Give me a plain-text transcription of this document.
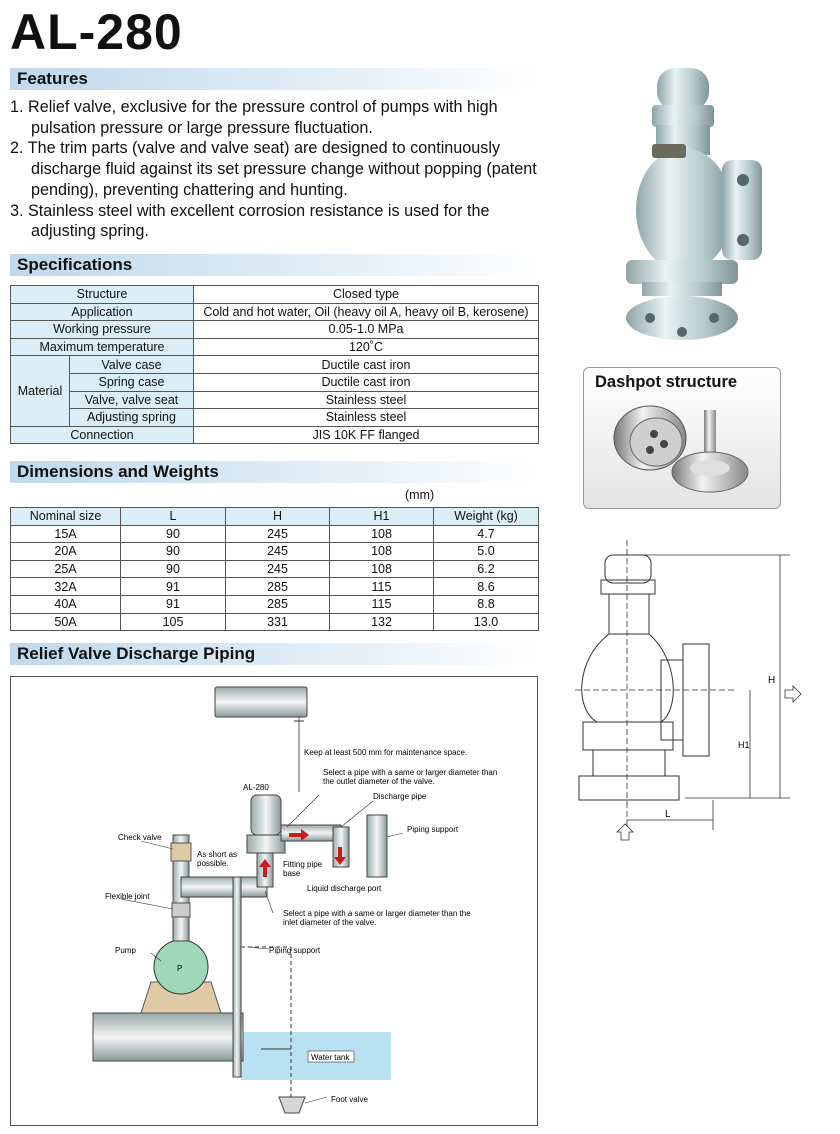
AL-280
Features
1. Relief valve, exclusive for the pressure control of pumps with high pulsation pressure or large pressure fluctuation.
2. The trim parts (valve and valve seat) are designed to continuously discharge fluid against its set pressure change without popping (patent pending), preventing chattering and hunting.
3. Stainless steel with excellent corrosion resistance is used for the adjusting spring.
Specifications
Structure		Closed type
Application		Cold and hot water, Oil (heavy oil A, heavy oil B, kerosene)
Working pressure		0.05-1.0 MPa
Maximum temperature		120˚C
Material	Valve case	Ductile cast iron
	Spring case	Ductile cast iron
	Valve, valve seat	Stainless steel
	Adjusting spring	Stainless steel
Connection		JIS 10K FF flanged
Dimensions and Weights
(mm)
Nominal size	L	H	H1	Weight (kg)
15A	90	245	108	4.7
20A	90	245	108	5.0
25A	90	245	108	6.2
32A	91	285	115	8.6
40A	91	285	115	8.8
50A	105	331	132	13.0
Relief Valve Discharge Piping
Dashpot structure
H
H1
L
Keep at least 500 mm for maintenance space.
AL-280
Select a pipe with a same or larger diameter than
the outlet diameter of the valve.
Discharge pipe
Piping support
Check valve
As short as
possible.	Fitting pipe
base
Liquid discharge port
Flexible joint
Select a pipe with a same or larger diameter than the
inlet diameter of the valve.
Piping support
Pump
P
Water tank
Foot valve
